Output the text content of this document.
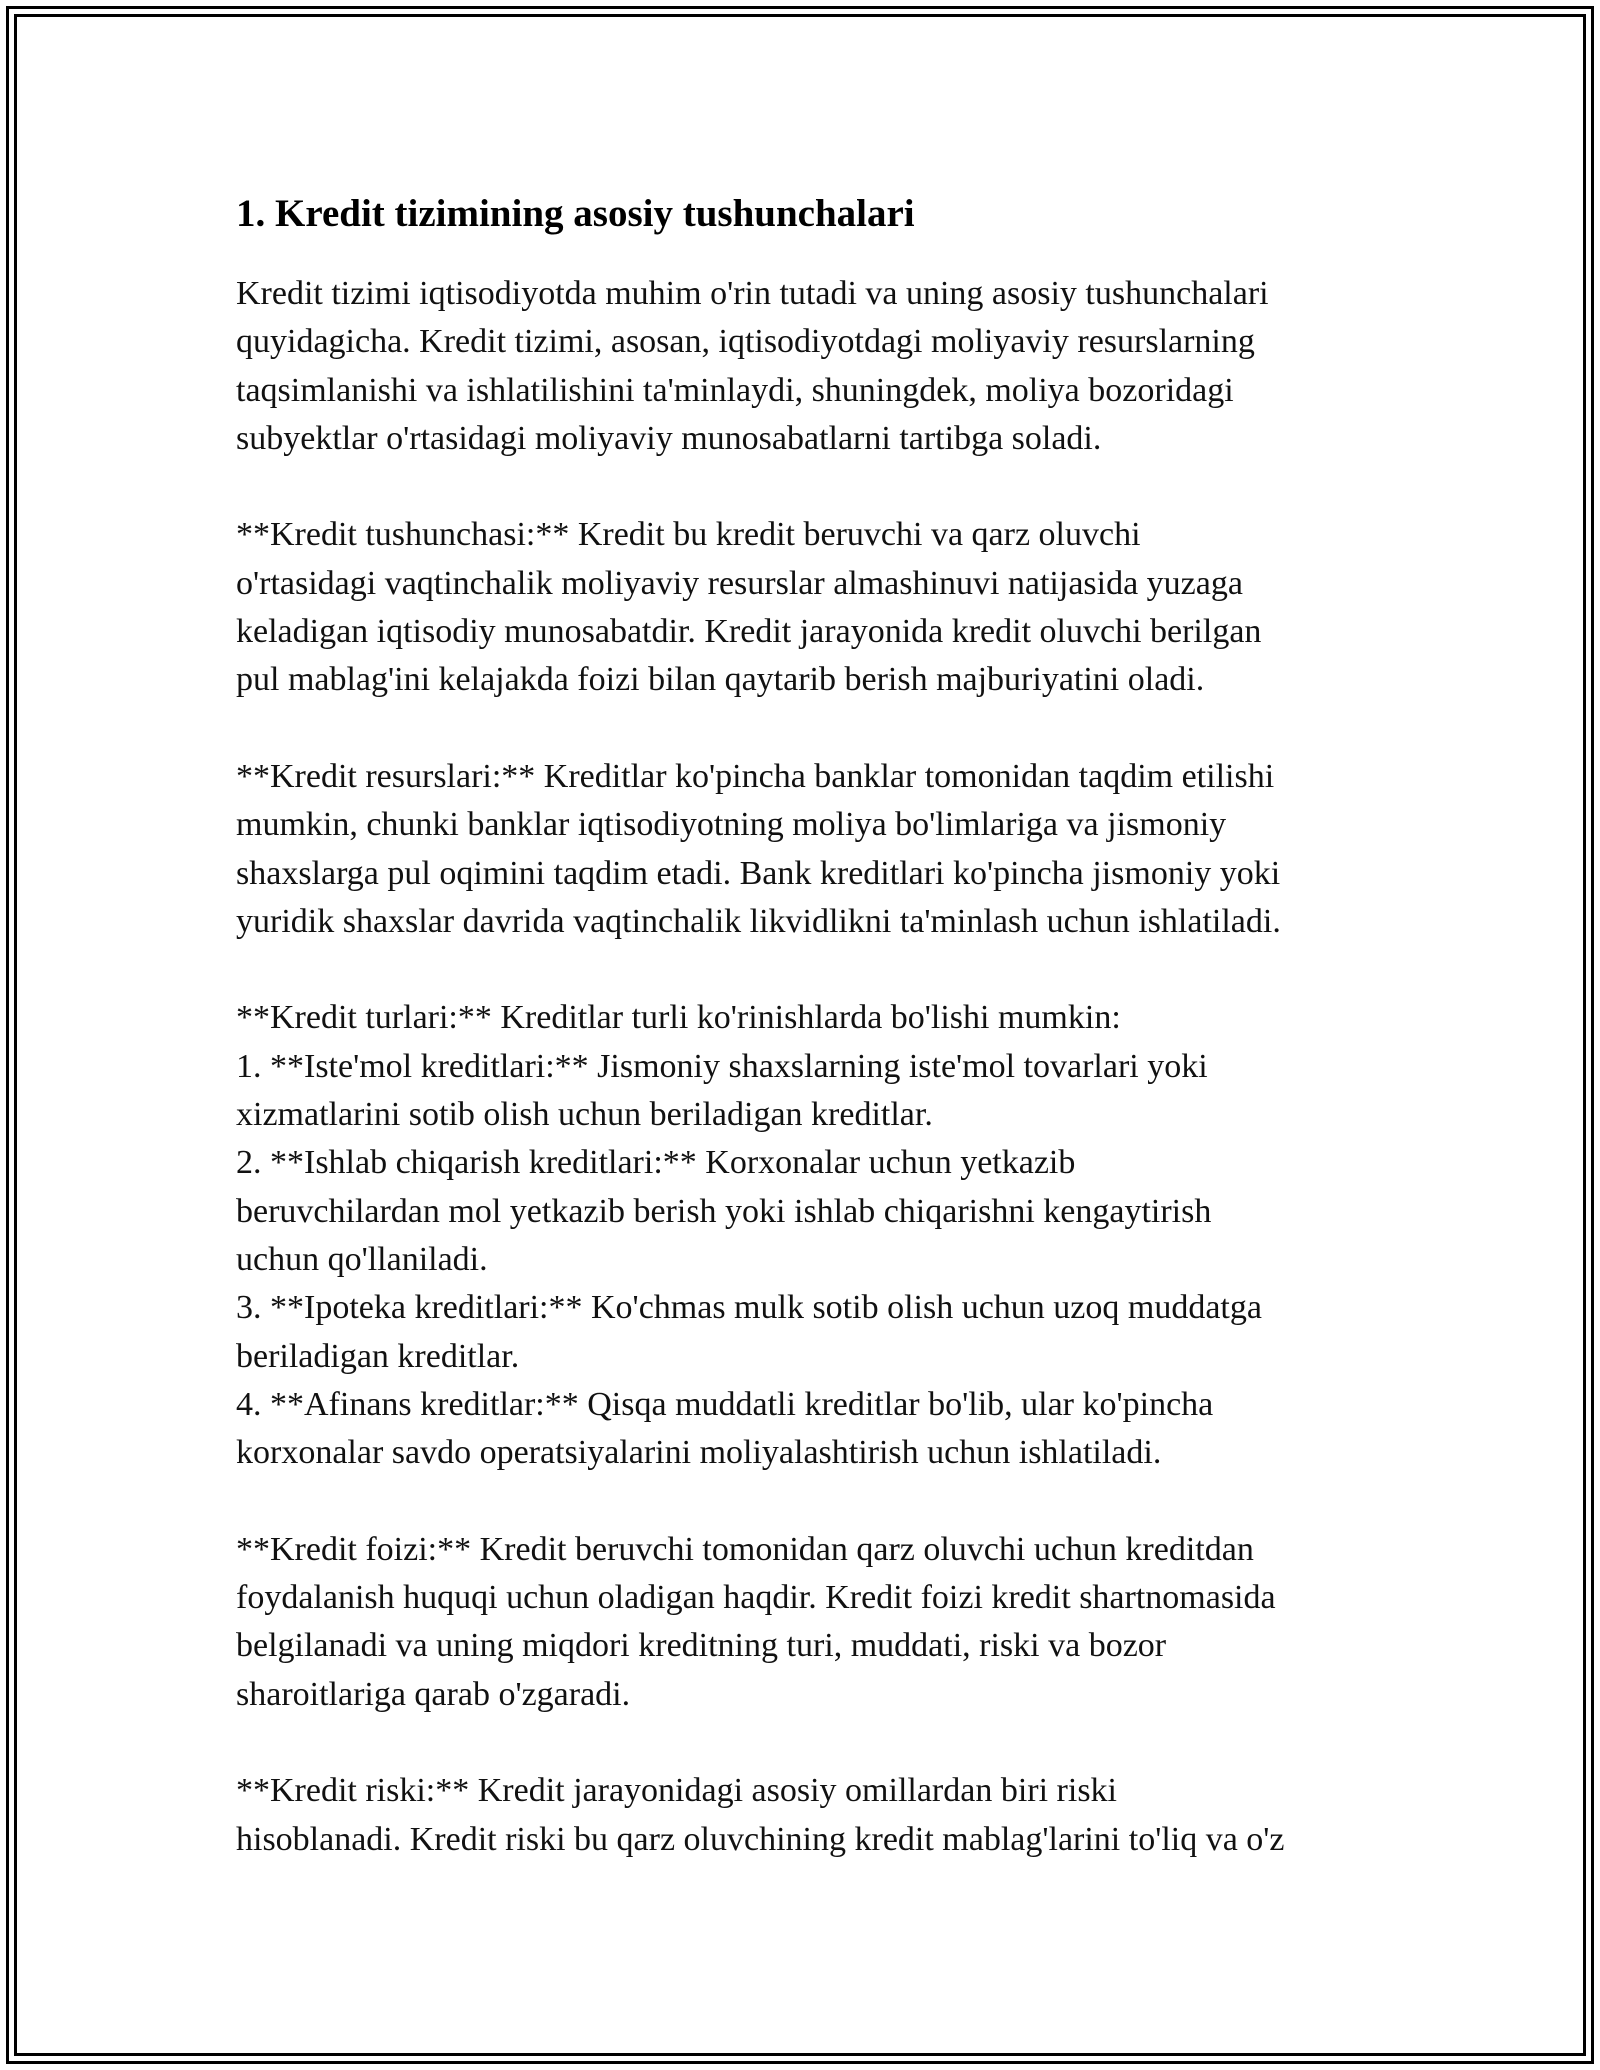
1. Kredit tizimining asosiy tushunchalari
Kredit tizimi iqtisodiyotda muhim o'rin tutadi va uning asosiy tushunchalari
quyidagicha. Kredit tizimi, asosan, iqtisodiyotdagi moliyaviy resurslarning
taqsimlanishi va ishlatilishini ta'minlaydi, shuningdek, moliya bozoridagi
subyektlar o'rtasidagi moliyaviy munosabatlarni tartibga soladi.
**Kredit tushunchasi:** Kredit bu kredit beruvchi va qarz oluvchi
o'rtasidagi vaqtinchalik moliyaviy resurslar almashinuvi natijasida yuzaga
keladigan iqtisodiy munosabatdir. Kredit jarayonida kredit oluvchi berilgan
pul mablag'ini kelajakda foizi bilan qaytarib berish majburiyatini oladi.
**Kredit resurslari:** Kreditlar ko'pincha banklar tomonidan taqdim etilishi
mumkin, chunki banklar iqtisodiyotning moliya bo'limlariga va jismoniy
shaxslarga pul oqimini taqdim etadi. Bank kreditlari ko'pincha jismoniy yoki
yuridik shaxslar davrida vaqtinchalik likvidlikni ta'minlash uchun ishlatiladi.
**Kredit turlari:** Kreditlar turli ko'rinishlarda bo'lishi mumkin:
1. **Iste'mol kreditlari:** Jismoniy shaxslarning iste'mol tovarlari yoki
xizmatlarini sotib olish uchun beriladigan kreditlar.
2. **Ishlab chiqarish kreditlari:** Korxonalar uchun yetkazib
beruvchilardan mol yetkazib berish yoki ishlab chiqarishni kengaytirish
uchun qo'llaniladi.
3. **Ipoteka kreditlari:** Ko'chmas mulk sotib olish uchun uzoq muddatga
beriladigan kreditlar.
4. **Afinans kreditlar:** Qisqa muddatli kreditlar bo'lib, ular ko'pincha
korxonalar savdo operatsiyalarini moliyalashtirish uchun ishlatiladi.
**Kredit foizi:** Kredit beruvchi tomonidan qarz oluvchi uchun kreditdan
foydalanish huquqi uchun oladigan haqdir. Kredit foizi kredit shartnomasida
belgilanadi va uning miqdori kreditning turi, muddati, riski va bozor
sharoitlariga qarab o'zgaradi.
**Kredit riski:** Kredit jarayonidagi asosiy omillardan biri riski
hisoblanadi. Kredit riski bu qarz oluvchining kredit mablag'larini to'liq va o'z
